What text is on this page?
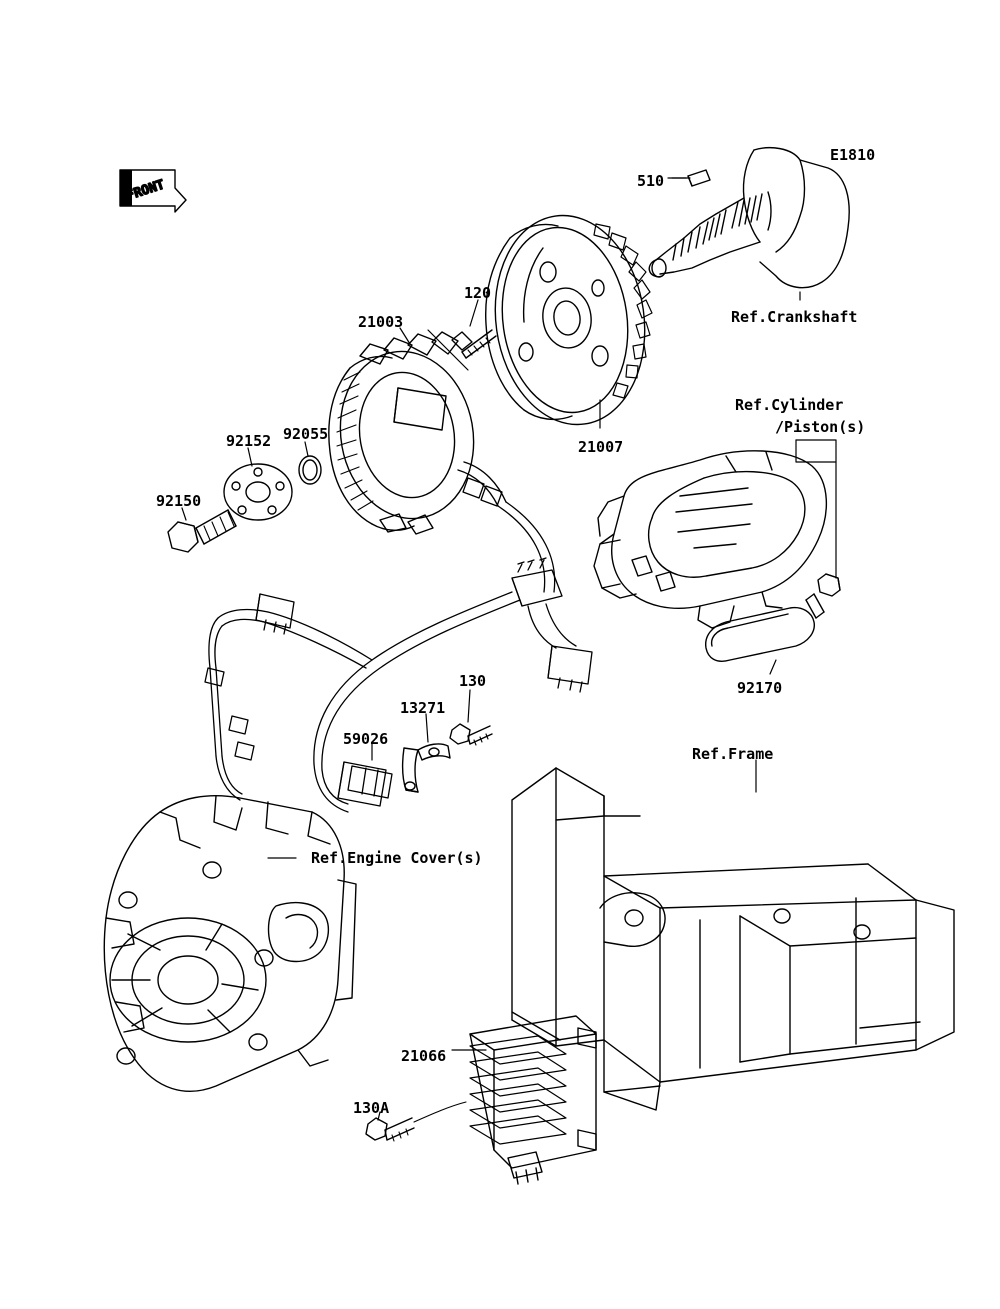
FRONT
E1810
510
120
21003
21007
92055
92152
92150
92170
130
13271
59026
21066
130A
Ref.Crankshaft
Ref.Cylinder
/Piston(s)
Ref.Frame
Ref.Engine Cover(s)
